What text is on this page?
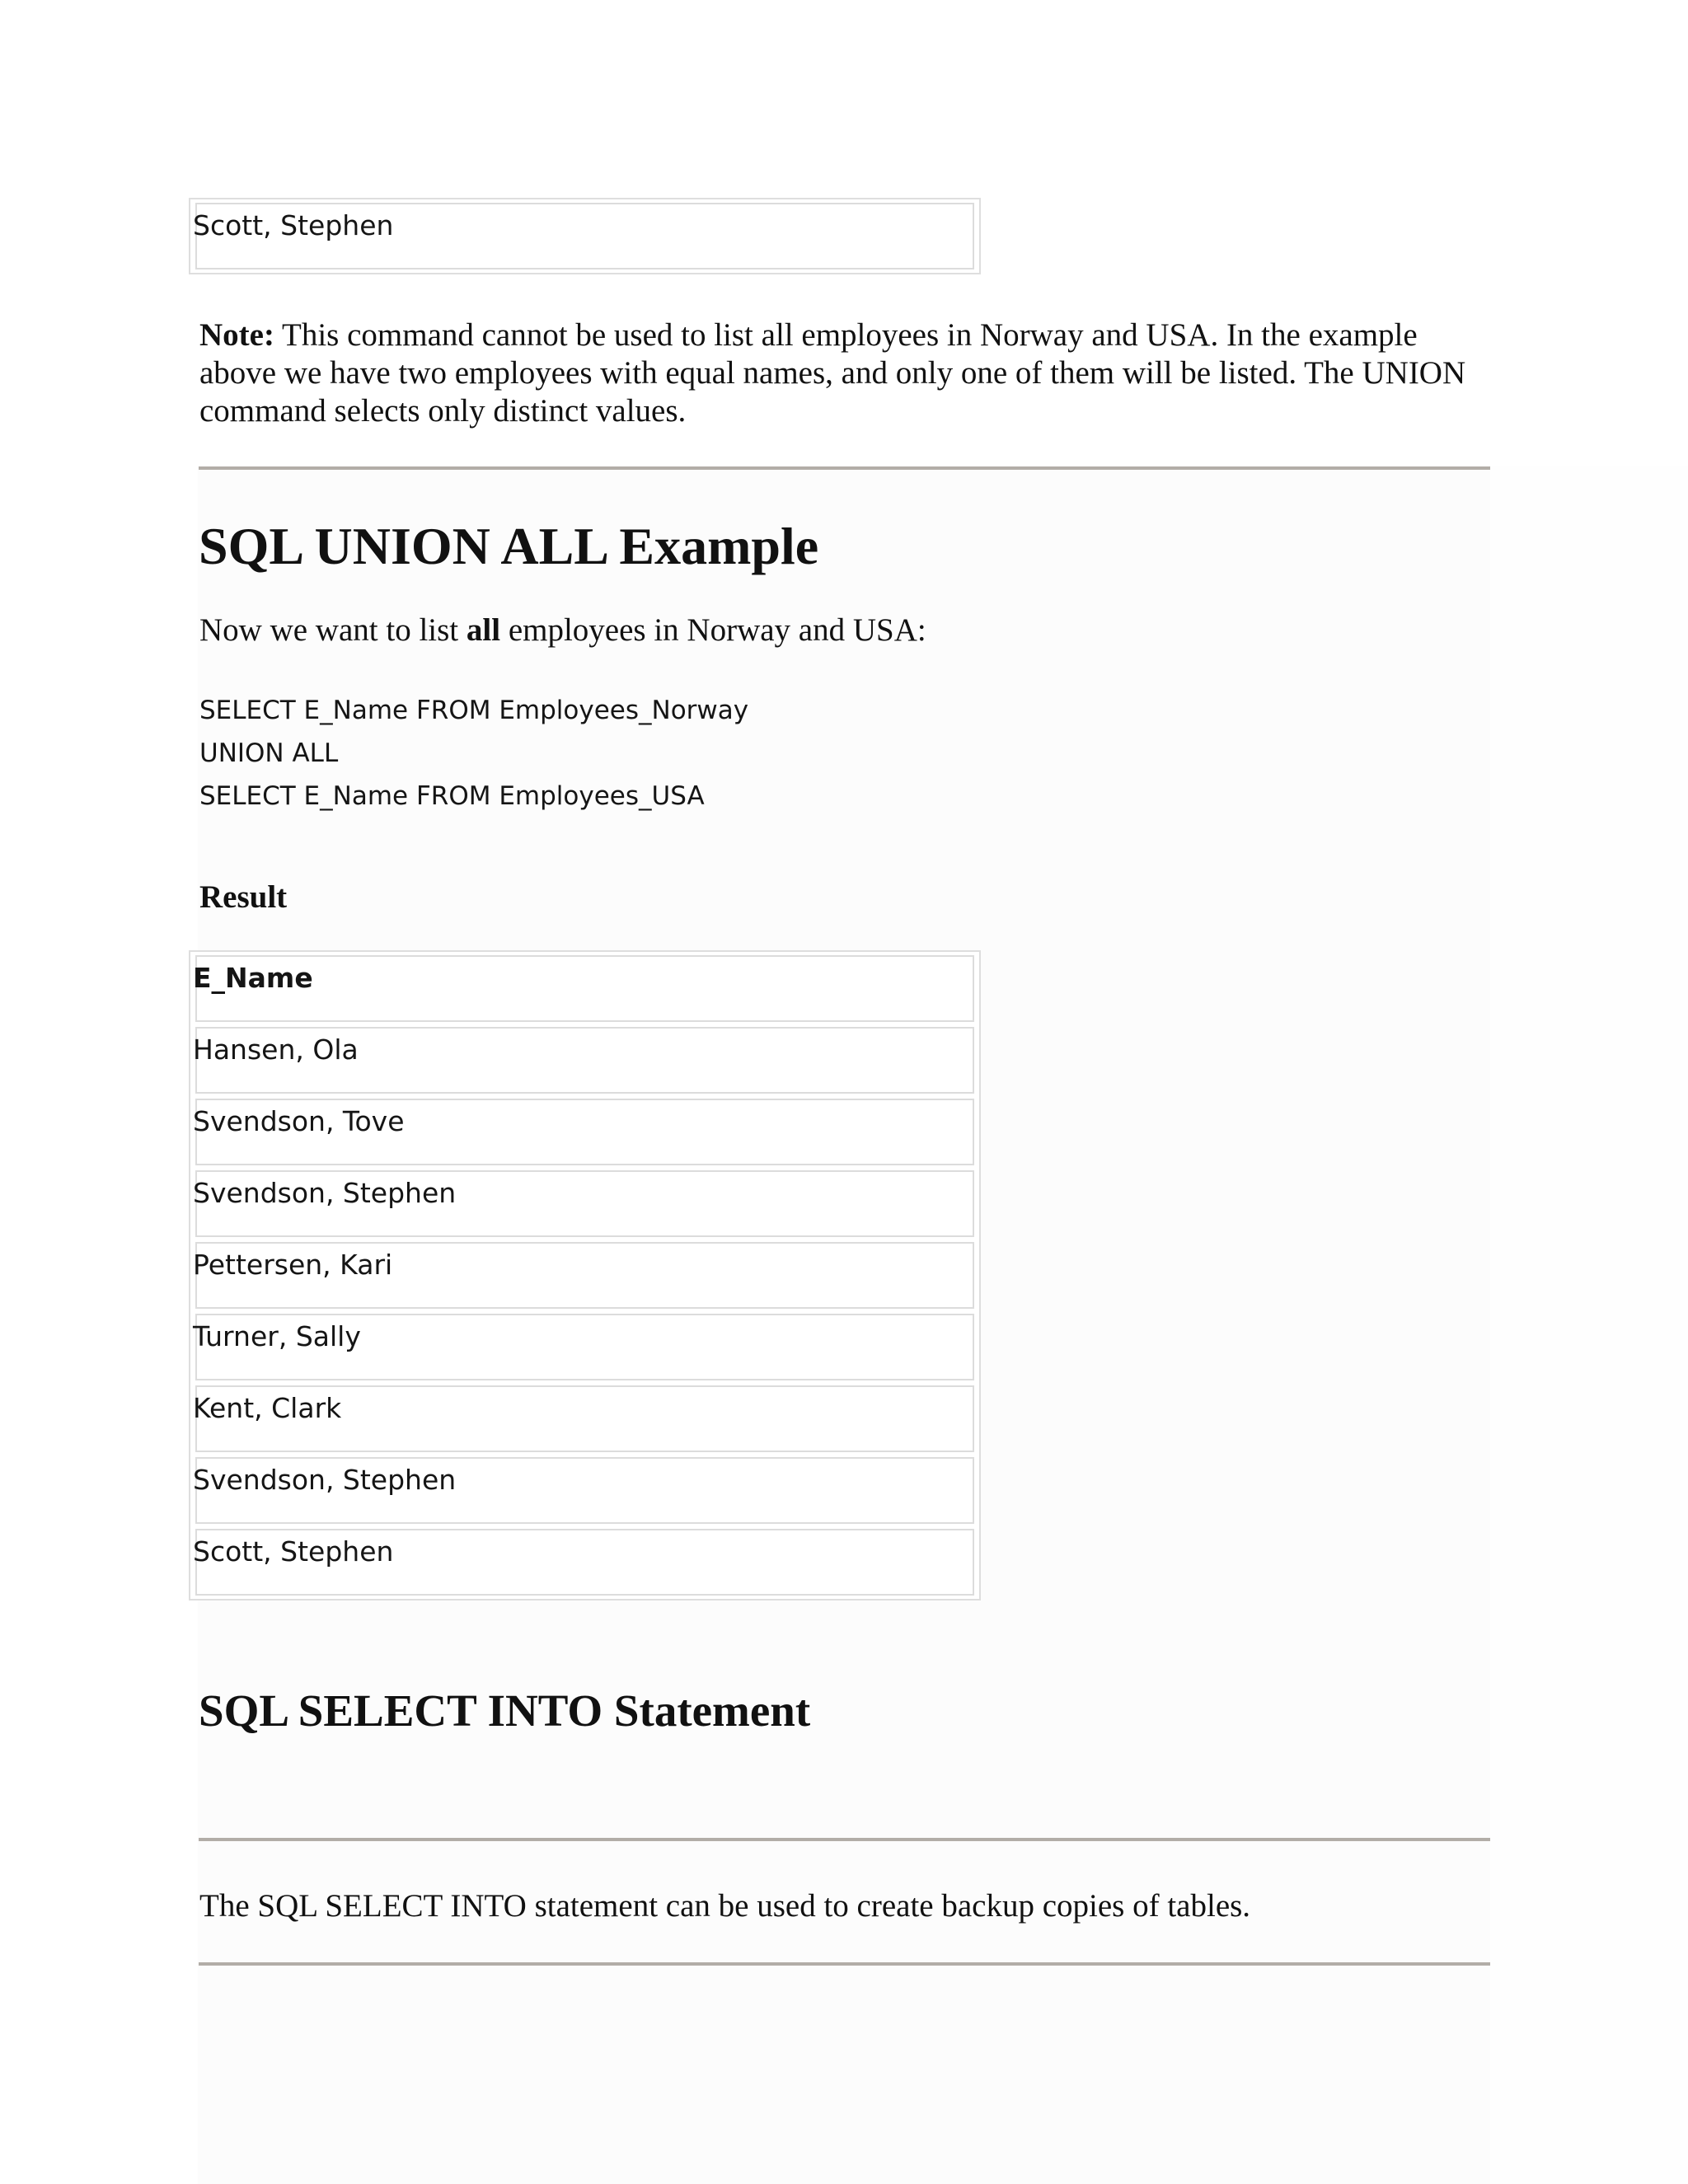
Scott, Stephen

Note: This command cannot be used to list all employees in Norway and USA. In the example above we have two employees with equal names, and only one of them will be listed. The UNION command selects only distinct values.

SQL UNION ALL Example

Now we want to list all employees in Norway and USA:

SELECT E_Name FROM Employees_Norway
UNION ALL
SELECT E_Name FROM Employees_USA
Result
E_Name
Hansen, Ola
Svendson, Tove
Svendson, Stephen
Pettersen, Kari
Turner, Sally
Kent, Clark
Svendson, Stephen
Scott, Stephen
SQL SELECT INTO Statement

The SQL SELECT INTO statement can be used to create backup copies of tables.
